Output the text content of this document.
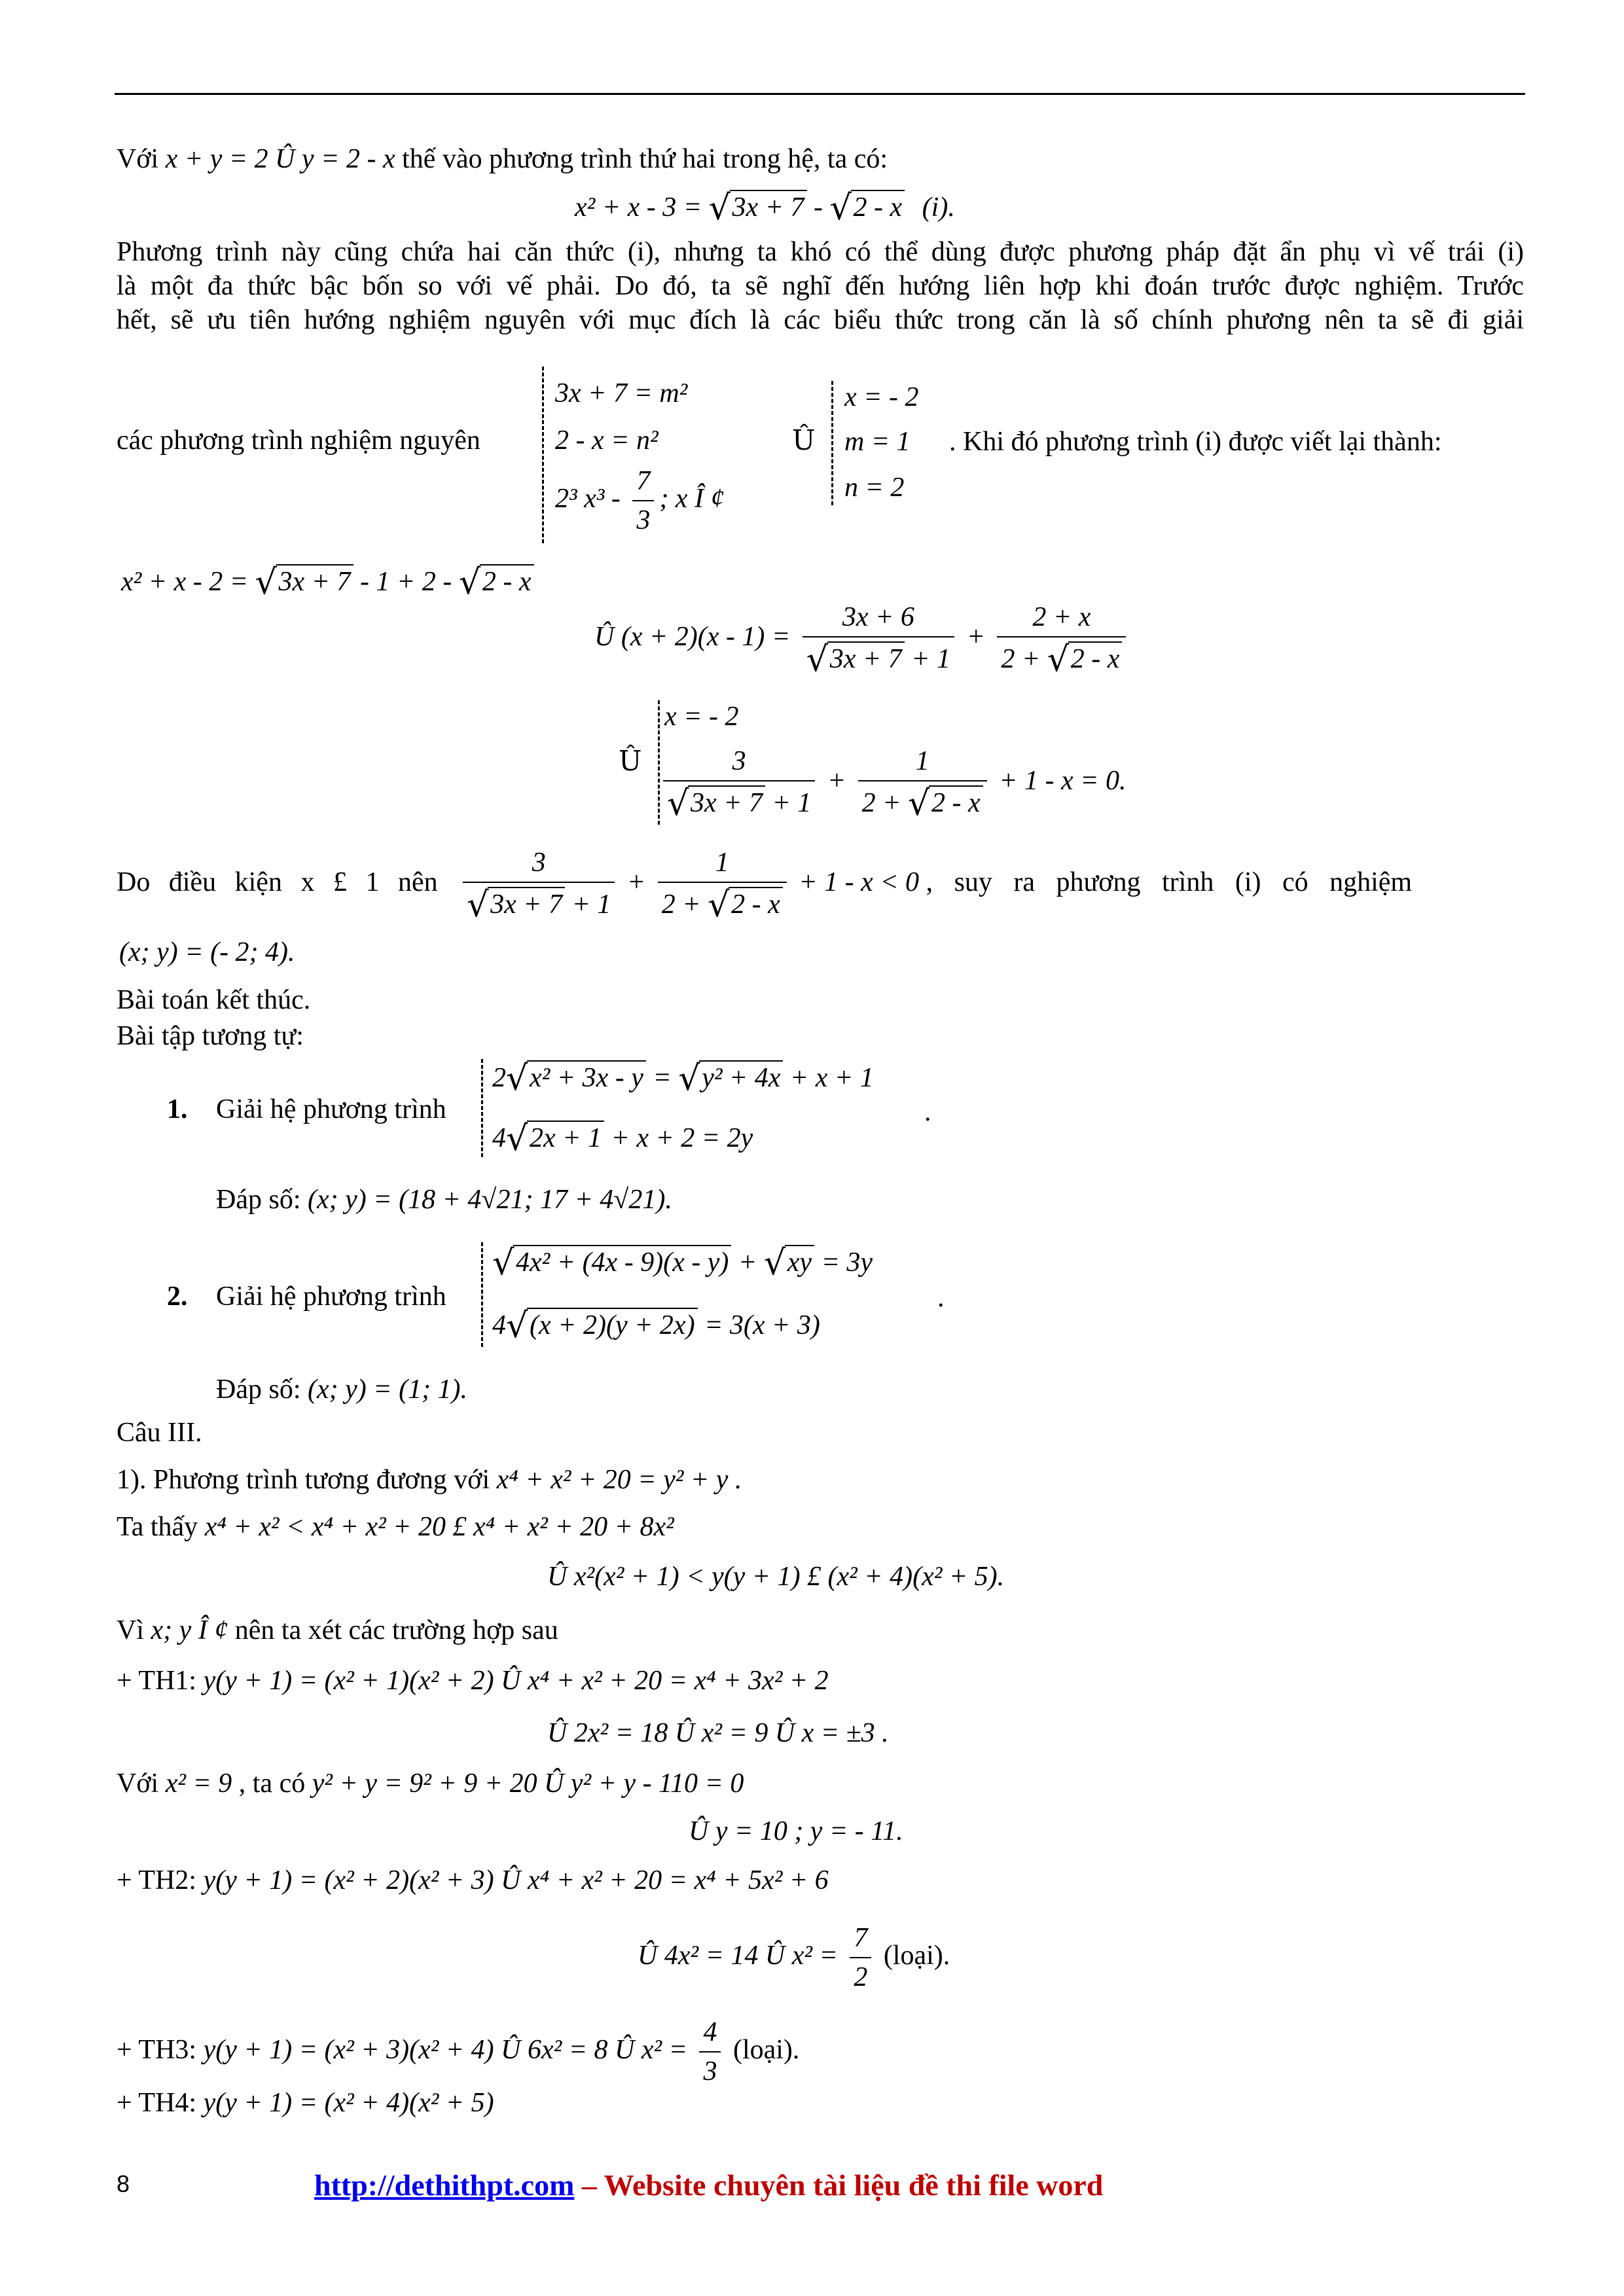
Với x + y = 2 Û y = 2 - x thế vào phương trình thứ hai trong hệ, ta có:
x² + x - 3 = √ 3x + 7 - √ 2 - x (i).
Phương trình này cũng chứa hai căn thức (i), nhưng ta khó có thể dùng được phương pháp đặt ẩn phụ vì vế trái (i)
là một đa thức bậc bốn so với vế phải. Do đó, ta sẽ nghĩ đến hướng liên hợp khi đoán trước được nghiệm. Trước
hết, sẽ ưu tiên hướng nghiệm nguyên với mục đích là các biểu thức trong căn là số chính phương nên ta sẽ đi giải
các phương trình nghiệm nguyên
3x + 7 = m²
2 - x = n²
2³ $x^3 - \frac{7}{3}$ ; x Î ¢
Û
x = - 2
m = 1
n = 2
. Khi đó phương trình (i) được viết lại thành:
x² + x - 2 = √ 3x + 7 - 1 + 2 - √ 2 - x
Û (x + 2)(x - 1) = 3x + 6
√ $3x + 7 + 1 + \frac{2 + x}{2 + √ 2 - x}$
Û
x = - 2
3
√ $3x + 7 + 1 + \frac{1}{2 + √ 2 - x} + 1 - x = 0$.
Do điều kiện x £ 1 nên 3
√ $3x + 7 + 1 + \frac{1}{2 + √ 2 - x} + 1 - x < 0$ , suy ra phương trình (i) có nghiệm
(x; y) = (- 2; 4).
Bài toán kết thúc.
Bài tập tương tự:
1. Giải hệ phương trình
2 √ x² + 3x - y = √ y² + 4x + x + 1
4 √ 2x + 1 + x + 2 = 2y
.
Đáp số: (x; y) = (18 + 4√21; 17 + 4√21).
2. Giải hệ phương trình
√ 4x² + (4x - 9)(x - y) + √ xy = 3y
4 √ (x + 2)(y + 2x) = 3(x + 3)
.
Đáp số: (x; y) = (1; 1).
Câu III.
1). Phương trình tương đương với x⁴ + x² + 20 = y² + y .
Ta thấy x⁴ + x² < x⁴ + x² + 20 £ x⁴ + x² + 20 + 8x²
Û x²(x² + 1) < y(y + 1) £ (x² + 4)(x² + 5).
Vì x; y Î ¢ nên ta xét các trường hợp sau
+ TH1: y(y + 1) = (x² + 1)(x² + 2) Û x⁴ + x² + 20 = x⁴ + 3x² + 2
Û 2x² = 18 Û x² = 9 Û x = ±3 .
Với x² = 9 , ta có y² + y = 9² + 9 + 20 Û y² + y - 110 = 0
Û y = 10 ; y = - 11.
+ TH2: y(y + 1) = (x² + 2)(x² + 3) Û x⁴ + x² + 20 = x⁴ + 5x² + 6
Û 4x² = 14 Û $x^2 = \frac{7}{2}$ (loại).
+ TH3: y(y + 1) = (x² + 3)(x² + 4) Û 6x² = 8 Û $x^2 = \frac{4}{3}$ (loại).
+ TH4: y(y + 1) = (x² + 4)(x² + 5)
8	http://dethithpt.com – Website chuyên tài liệu đề thi file word
